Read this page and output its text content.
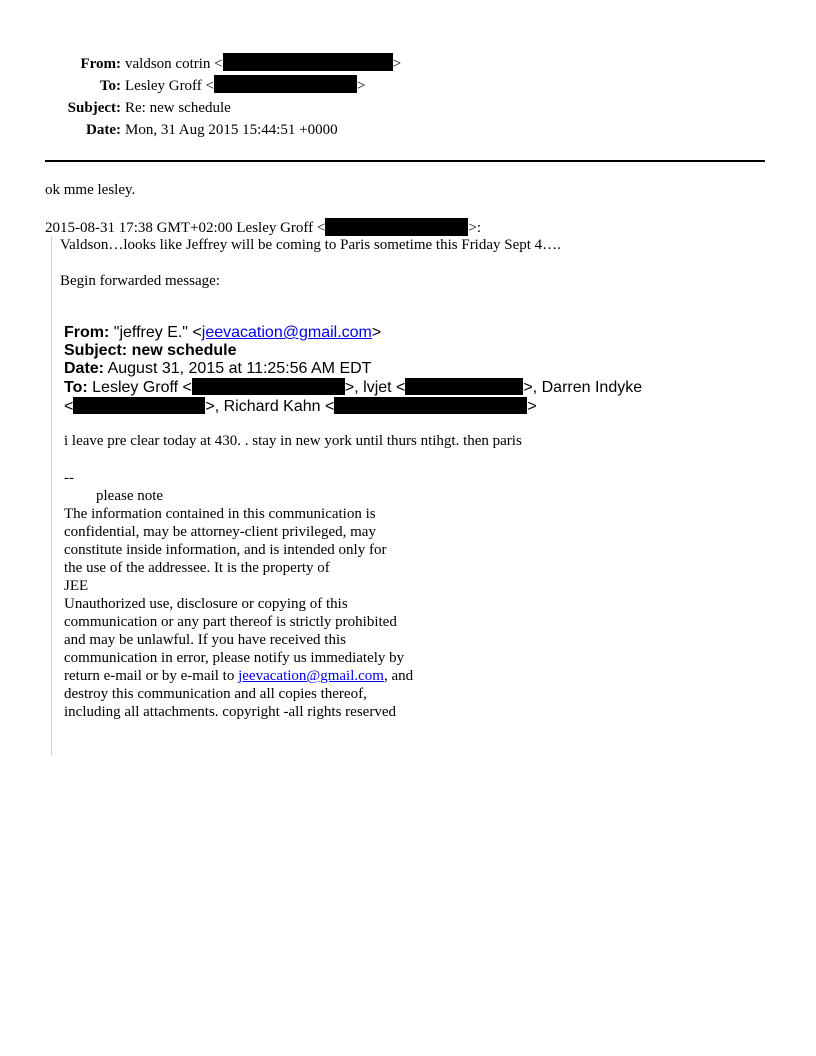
From: valdson cotrin <	>
To: Lesley Groff <	>
Subject: Re: new schedule
Date: Mon, 31 Aug 2015 15:44:51 +0000
ok mme lesley.
2015-08-31 17:38 GMT+02:00 Lesley Groff <	>:
Valdson…looks like Jeffrey will be coming to Paris sometime this Friday Sept 4….
Begin forwarded message:
From: "jeffrey E." <jeevacation@gmail.com>
Subject: new schedule
Date: August 31, 2015 at 11:25:56 AM EDT
To: Lesley Groff <	>, lvjet <	>, Darren Indyke
<	>, Richard Kahn <	>
i leave pre clear today at 430. . stay in new york until thurs ntihgt. then paris
--
please note
The information contained in this communication is
confidential, may be attorney-client privileged, may
constitute inside information, and is intended only for
the use of the addressee. It is the property of
JEE
Unauthorized use, disclosure or copying of this
communication or any part thereof is strictly prohibited
and may be unlawful. If you have received this
communication in error, please notify us immediately by
return e-mail or by e-mail to jeevacation@gmail.com, and
destroy this communication and all copies thereof,
including all attachments. copyright -all rights reserved
